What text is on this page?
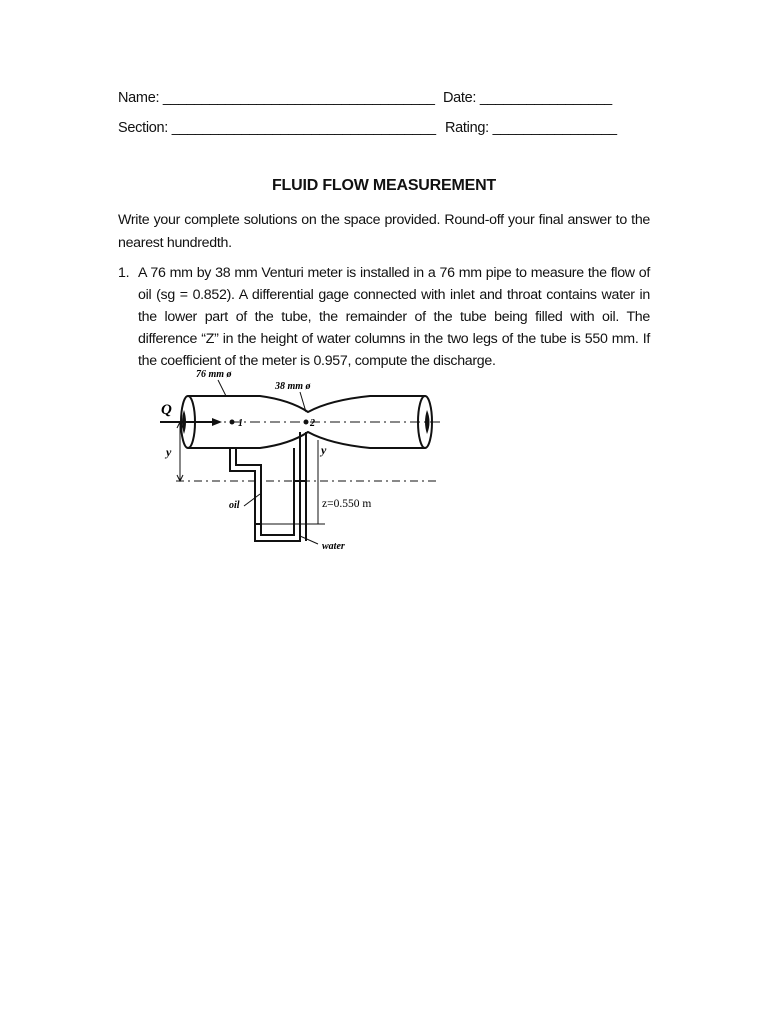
Name: ___________________________________ Date: _________________
Section: __________________________________ Rating: ________________
FLUID FLOW MEASUREMENT
Write your complete solutions on the space provided. Round-off your final answer to the nearest hundredth.
1. A 76 mm by 38 mm Venturi meter is installed in a 76 mm pipe to measure the flow of oil (sg = 0.852). A differential gage connected with inlet and throat contains water in the lower part of the tube, the remainder of the tube being filled with oil. The difference “Z” in the height of water columns in the two legs of the tube is 550 mm. If the coefficient of the meter is 0.957, compute the discharge.
76 mm ø
38 mm ø
Q
1	2
y	y
oil	z=0.550 m
water
